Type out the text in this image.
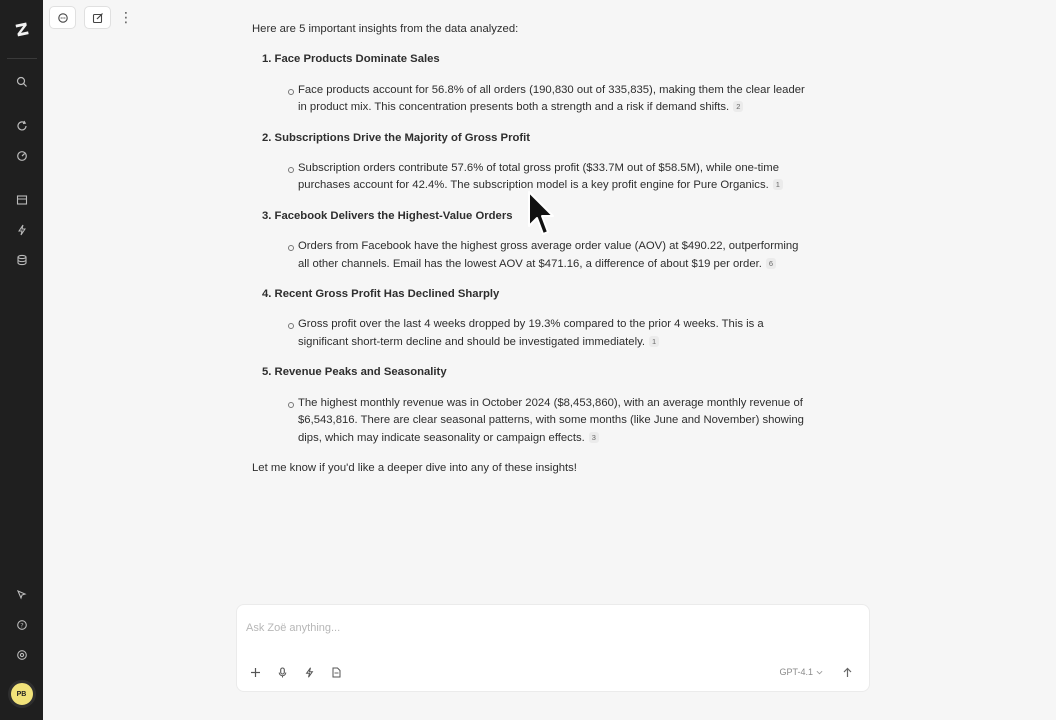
?
PB
⋮

Here are 5 important insights from the data analyzed:

1. Face Products Dominate Sales
Face products account for 56.8% of all orders (190,830 out of 335,835), making them the clear leader in product mix. This concentration presents both a strength and a risk if demand shifts. 2
2. Subscriptions Drive the Majority of Gross Profit
Subscription orders contribute 57.6% of total gross profit ($33.7M out of $58.5M), while one-time purchases account for 42.4%. The subscription model is a key profit engine for Pure Organics. 1
3. Facebook Delivers the Highest-Value Orders
Orders from Facebook have the highest gross average order value (AOV) at $490.22, outperforming all other channels. Email has the lowest AOV at $471.16, a difference of about $19 per order. 6
4. Recent Gross Profit Has Declined Sharply
Gross profit over the last 4 weeks dropped by 19.3% compared to the prior 4 weeks. This is a significant short-term decline and should be investigated immediately. 1
5. Revenue Peaks and Seasonality
The highest monthly revenue was in October 2024 ($8,453,860), with an average monthly revenue of $6,543,816. There are clear seasonal patterns, with some months (like June and November) showing dips, which may indicate seasonality or campaign effects. 3

Let me know if you'd like a deeper dive into any of these insights!

Ask Zoë anything...
GPT-4.1
